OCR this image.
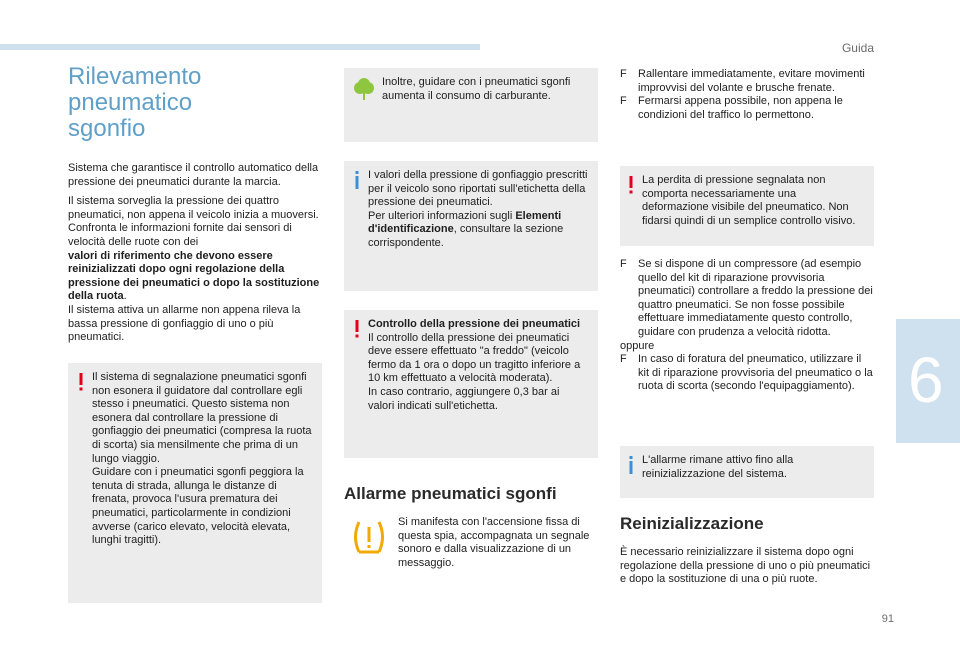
Guida
6
91
Rilevamento pneumatico
sgonfio

Sistema che garantisce il controllo automatico della pressione dei pneumatici durante la marcia.

Il sistema sorveglia la pressione dei quattro pneumatici, non appena il veicolo inizia a muoversi.
Confronta le informazioni fornite dai sensori di velocità delle ruote con dei
valori di riferimento che devono essere reinizializzati dopo ogni regolazione della pressione dei pneumatici o dopo la sostituzione della ruota.
Il sistema attiva un allarme non appena rileva la bassa pressione di gonfiaggio di uno o più pneumatici.

Il sistema di segnalazione pneumatici sgonfi non esonera il guidatore dal controllare egli stesso i pneumatici. Questo sistema non esonera dal controllare la pressione di gonfiaggio dei pneumatici (compresa la ruota di scorta) sia mensilmente che prima di un lungo viaggio.
Guidare con i pneumatici sgonfi peggiora la tenuta di strada, allunga le distanze di frenata, provoca l'usura prematura dei pneumatici, particolarmente in condizioni avverse (carico elevato, velocità elevata, lunghi tragitti).
Inoltre, guidare con i pneumatici sgonfi aumenta il consumo di carburante.
I valori della pressione di gonfiaggio prescritti per il veicolo sono riportati sull'etichetta della pressione dei pneumatici.
Per ulteriori informazioni sugli Elementi d'identificazione, consultare la sezione corrispondente.
Controllo della pressione dei pneumatici
Il controllo della pressione dei pneumatici deve essere effettuato "a freddo" (veicolo fermo da 1 ora o dopo un tragitto inferiore a 10 km effettuato a velocità moderata).
In caso contrario, aggiungere 0,3 bar ai valori indicati sull'etichetta.
Allarme pneumatici sgonfi
Si manifesta con l'accensione fissa di questa spia, accompagnata un segnale sonoro e dalla visualizzazione di un messaggio.
F Rallentare immediatamente, evitare movimenti improvvisi del volante e brusche frenate.
F Fermarsi appena possibile, non appena le condizioni del traffico lo permettono.
La perdita di pressione segnalata non comporta necessariamente una deformazione visibile del pneumatico. Non fidarsi quindi di un semplice controllo visivo.
F Se si dispone di un compressore (ad esempio quello del kit di riparazione provvisoria pneumatici) controllare a freddo la pressione dei quattro pneumatici. Se non fosse possibile effettuare immediatamente questo controllo, guidare con prudenza a velocità ridotta.
oppure
F In caso di foratura del pneumatico, utilizzare il kit di riparazione provvisoria del pneumatico o la ruota di scorta (secondo l'equipaggiamento).
L'allarme rimane attivo fino alla reinizializzazione del sistema.
Reinizializzazione
È necessario reinizializzare il sistema dopo ogni regolazione della pressione di uno o più pneumatici e dopo la sostituzione di una o più ruote.
